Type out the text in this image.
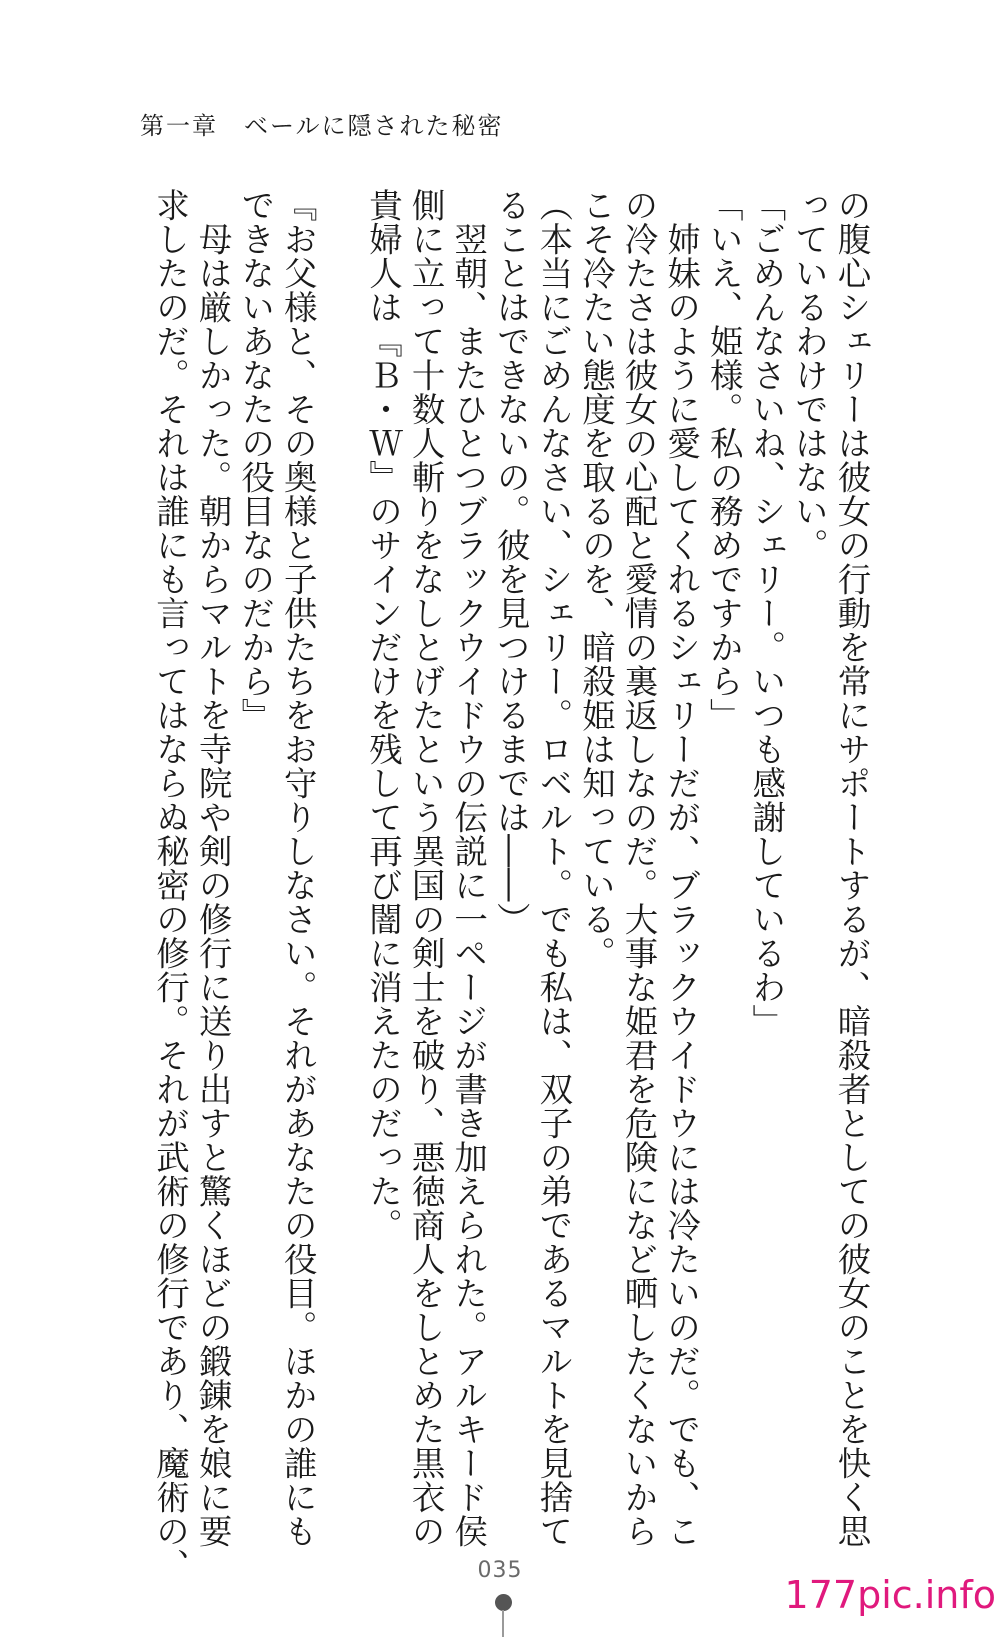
第一章　ベールに隠された秘密

の腹心シェリーは彼女の行動を常にサポートするが、暗殺者としての彼女のことを快く思

っているわけではない。

「ごめんなさいね、シェリー。いつも感謝しているわ」

「いえ、姫様。私の務めですから」

　姉妹のように愛してくれるシェリーだが、ブラックウイドウには冷たいのだ。でも、こ

の冷たさは彼女の心配と愛情の裏返しなのだ。大事な姫君を危険になど晒したくないから

こそ冷たい態度を取るのを、暗殺姫は知っている。

（本当にごめんなさい、シェリー。ロベルト。でも私は、双子の弟であるマルトを見捨て

ることはできないの。彼を見つけるまでは――）

　翌朝、またひとつブラックウイドウの伝説に一ページが書き加えられた。アルキード侯

側に立って十数人斬りをなしとげたという異国の剣士を破り、悪徳商人をしとめた黒衣の

貴婦人は『Ｂ・Ｗ』のサインだけを残して再び闇に消えたのだった。

『お父様と、その奥様と子供たちをお守りしなさい。それがあなたの役目。ほかの誰にも

できないあなたの役目なのだから』

　母は厳しかった。朝からマルトを寺院や剣の修行に送り出すと驚くほどの鍛錬を娘に要

求したのだ。それは誰にも言ってはならぬ秘密の修行。それが武術の修行であり、魔術の、	035
177pic.info
